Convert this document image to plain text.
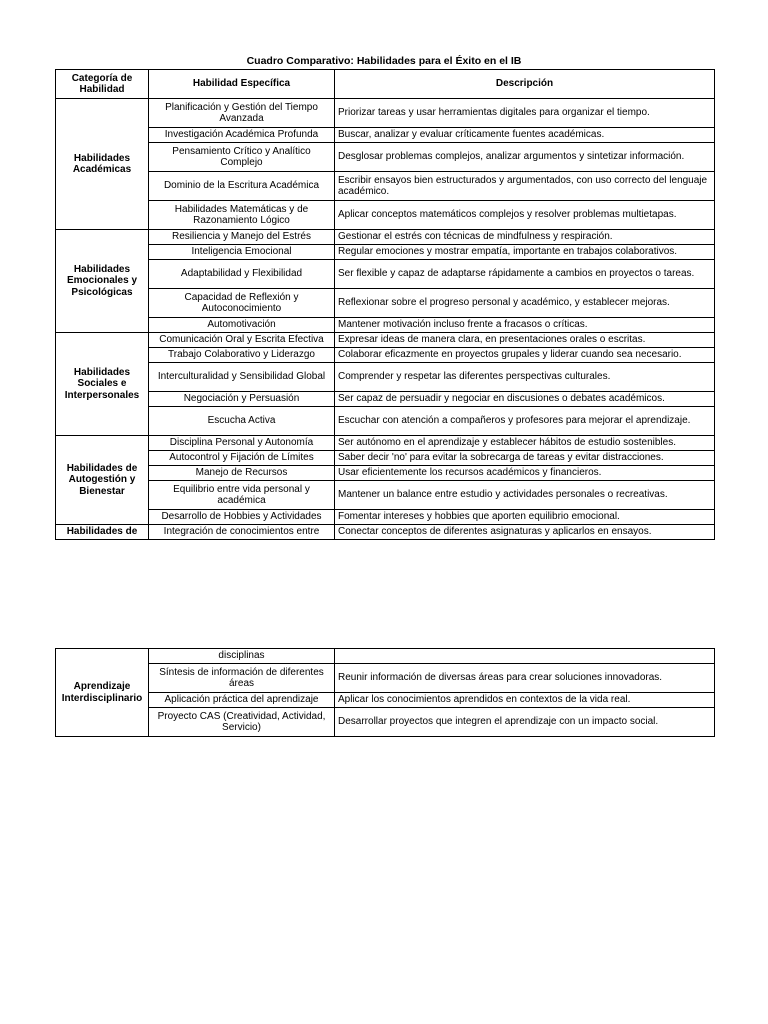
Cuadro Comparativo: Habilidades para el Éxito en el IB
Categoría de Habilidad	Habilidad Específica	Descripción
Habilidades Académicas	Planificación y Gestión del Tiempo Avanzada	Priorizar tareas y usar herramientas digitales para organizar el tiempo.
	Investigación Académica Profunda	Buscar, analizar y evaluar críticamente fuentes académicas.
	Pensamiento Crítico y Analítico Complejo	Desglosar problemas complejos, analizar argumentos y sintetizar información.
	Dominio de la Escritura Académica	Escribir ensayos bien estructurados y argumentados, con uso correcto del lenguaje académico.
	Habilidades Matemáticas y de Razonamiento Lógico	Aplicar conceptos matemáticos complejos y resolver problemas multietapas.
Habilidades Emocionales y Psicológicas	Resiliencia y Manejo del Estrés	Gestionar el estrés con técnicas de mindfulness y respiración.
	Inteligencia Emocional	Regular emociones y mostrar empatía, importante en trabajos colaborativos.
	Adaptabilidad y Flexibilidad	Ser flexible y capaz de adaptarse rápidamente a cambios en proyectos o tareas.
	Capacidad de Reflexión y Autoconocimiento	Reflexionar sobre el progreso personal y académico, y establecer mejoras.
	Automotivación	Mantener motivación incluso frente a fracasos o críticas.
Habilidades Sociales e Interpersonales	Comunicación Oral y Escrita Efectiva	Expresar ideas de manera clara, en presentaciones orales o escritas.
	Trabajo Colaborativo y Liderazgo	Colaborar eficazmente en proyectos grupales y liderar cuando sea necesario.
	Interculturalidad y Sensibilidad Global	Comprender y respetar las diferentes perspectivas culturales.
	Negociación y Persuasión	Ser capaz de persuadir y negociar en discusiones o debates académicos.
	Escucha Activa	Escuchar con atención a compañeros y profesores para mejorar el aprendizaje.
Habilidades de Autogestión y Bienestar	Disciplina Personal y Autonomía	Ser autónomo en el aprendizaje y establecer hábitos de estudio sostenibles.
	Autocontrol y Fijación de Límites	Saber decir 'no' para evitar la sobrecarga de tareas y evitar distracciones.
	Manejo de Recursos	Usar eficientemente los recursos académicos y financieros.
	Equilibrio entre vida personal y académica	Mantener un balance entre estudio y actividades personales o recreativas.
	Desarrollo de Hobbies y Actividades	Fomentar intereses y hobbies que aporten equilibrio emocional.
Habilidades de	Integración de conocimientos entre	Conectar conceptos de diferentes asignaturas y aplicarlos en ensayos.
Aprendizaje Interdisciplinario	disciplinas	
	Síntesis de información de diferentes áreas	Reunir información de diversas áreas para crear soluciones innovadoras.
	Aplicación práctica del aprendizaje	Aplicar los conocimientos aprendidos en contextos de la vida real.
	Proyecto CAS (Creatividad, Actividad, Servicio)	Desarrollar proyectos que integren el aprendizaje con un impacto social.
